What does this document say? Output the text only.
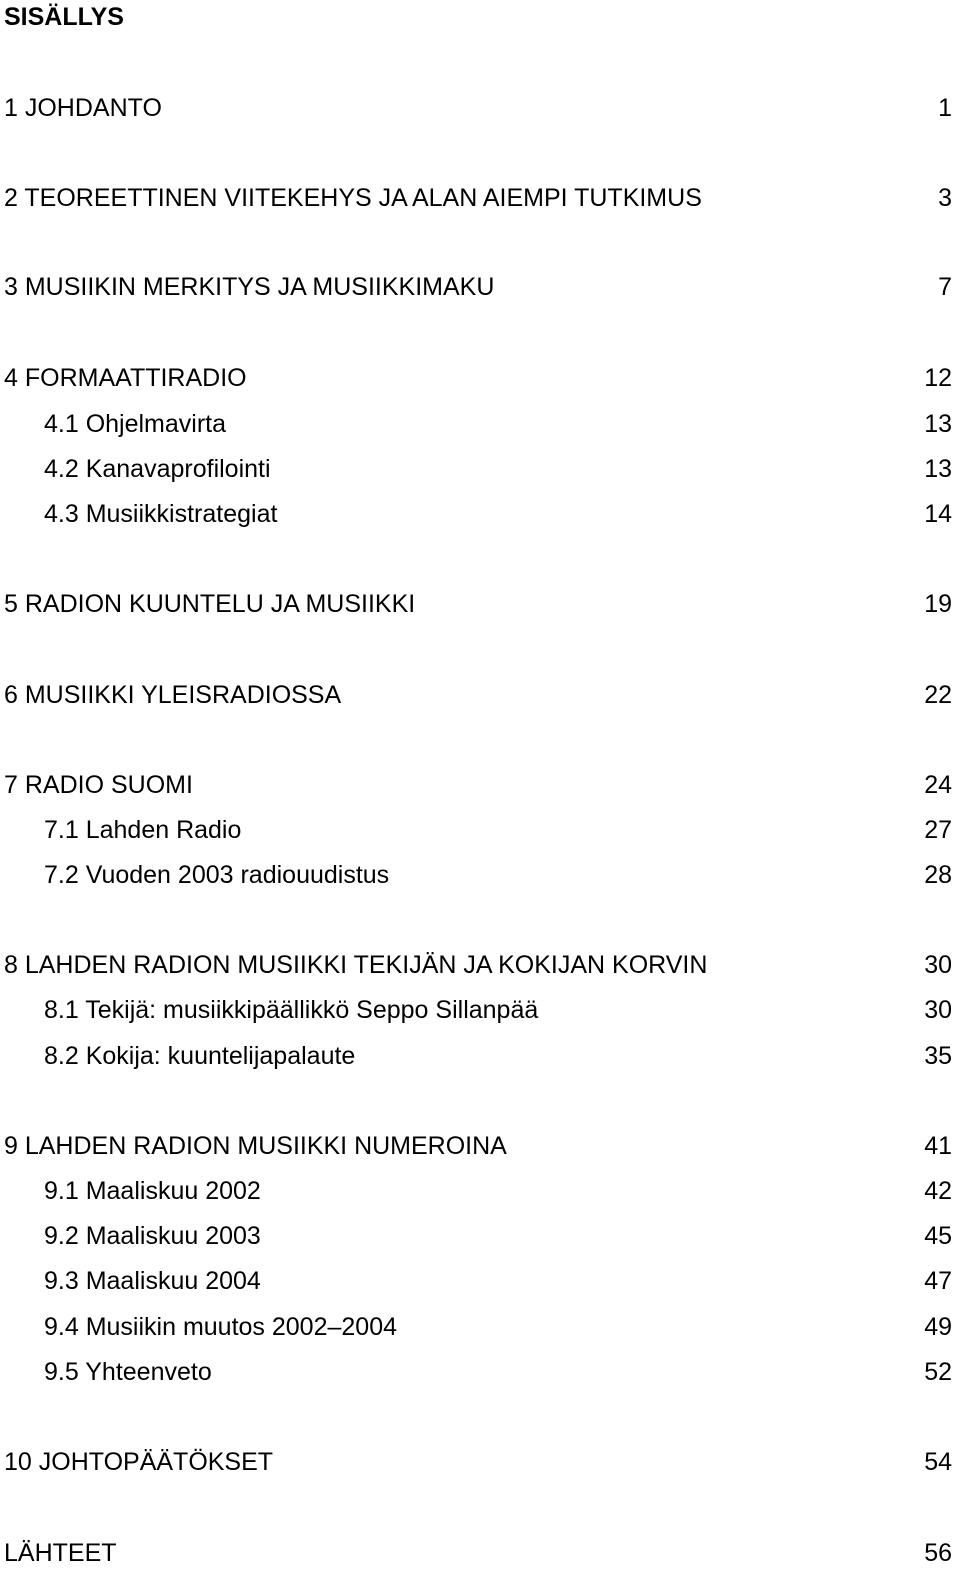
SISÄLLYS
1 JOHDANTO	1
2 TEOREETTINEN VIITEKEHYS JA ALAN AIEMPI TUTKIMUS	3
3 MUSIIKIN MERKITYS JA MUSIIKKIMAKU	7
4 FORMAATTIRADIO	12
4.1 Ohjelmavirta	13
4.2 Kanavaprofilointi	13
4.3 Musiikkistrategiat	14
5 RADION KUUNTELU JA MUSIIKKI	19
6 MUSIIKKI YLEISRADIOSSA	22
7 RADIO SUOMI	24
7.1 Lahden Radio	27
7.2 Vuoden 2003 radiouudistus	28
8 LAHDEN RADION MUSIIKKI TEKIJÄN JA KOKIJAN KORVIN	30
8.1 Tekijä: musiikkipäällikkö Seppo Sillanpää	30
8.2 Kokija: kuuntelijapalaute	35
9 LAHDEN RADION MUSIIKKI NUMEROINA	41
9.1 Maaliskuu 2002	42
9.2 Maaliskuu 2003	45
9.3 Maaliskuu 2004	47
9.4 Musiikin muutos 2002–2004	49
9.5 Yhteenveto	52
10 JOHTOPÄÄTÖKSET	54
LÄHTEET	56
